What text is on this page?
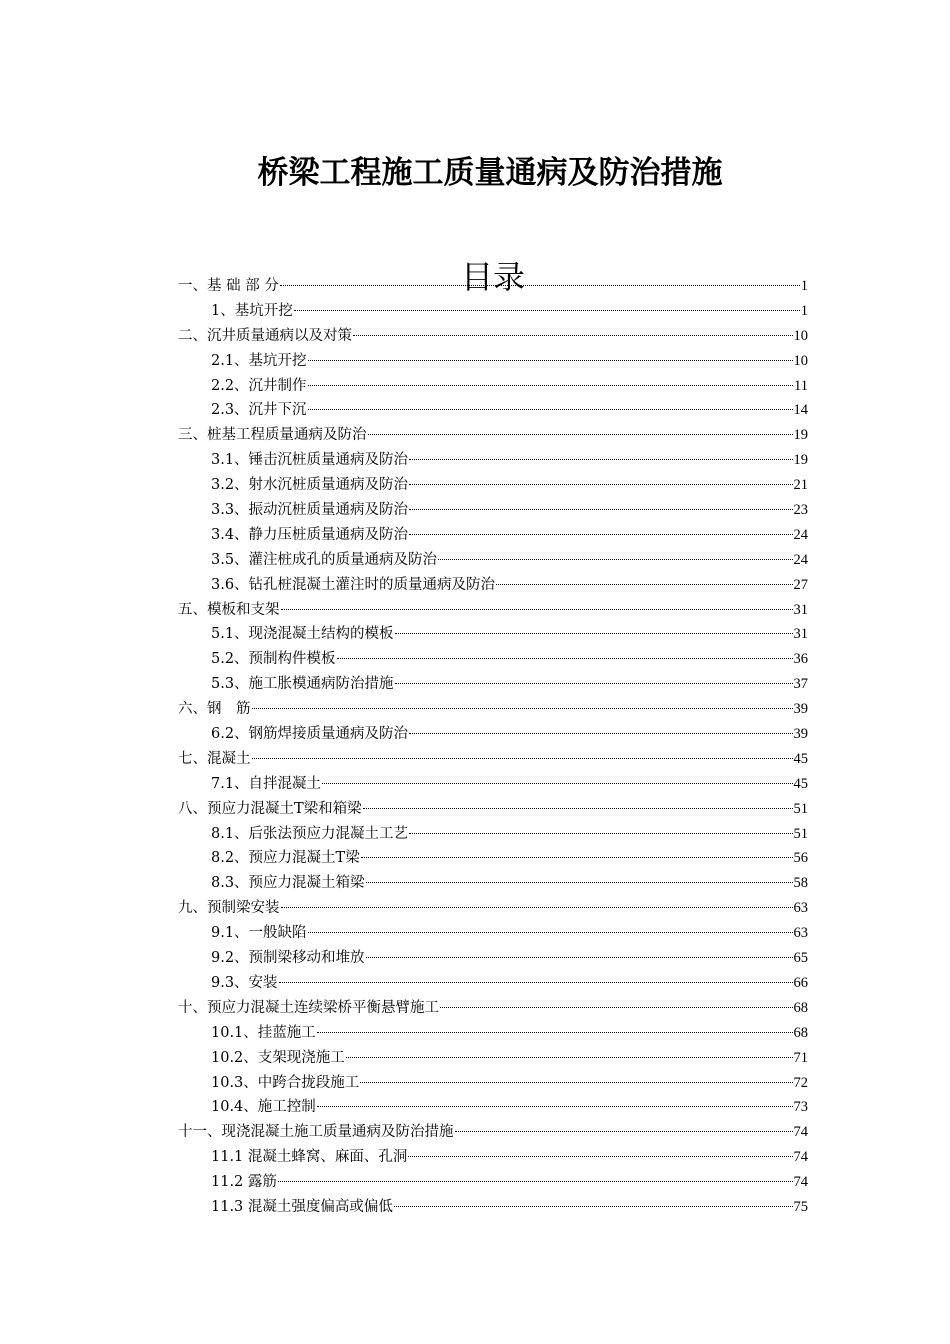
桥梁工程施工质量通病及防治措施
目录
一、基 础 部 分	1
1、基坑开挖	1
二、沉井质量通病以及对策	10
2.1、基坑开挖	10
2.2、沉井制作	11
2.3、沉井下沉	14
三、桩基工程质量通病及防治	19
3.1、锤击沉桩质量通病及防治	19
3.2、射水沉桩质量通病及防治	21
3.3、振动沉桩质量通病及防治	23
3.4、静力压桩质量通病及防治	24
3.5、灌注桩成孔的质量通病及防治	24
3.6、钻孔桩混凝土灌注时的质量通病及防治	27
五、模板和支架	31
5.1、现浇混凝土结构的模板	31
5.2、预制构件模板	36
5.3、施工胀模通病防治措施	37
六、钢　筋	39
6.2、钢筋焊接质量通病及防治	39
七、混凝土	45
7.1、自拌混凝土	45
八、预应力混凝土T梁和箱梁	51
8.1、后张法预应力混凝土工艺	51
8.2、预应力混凝土T梁	56
8.3、预应力混凝土箱梁	58
九、预制梁安装	63
9.1、一般缺陷	63
9.2、预制梁移动和堆放	65
9.3、安装	66
十、预应力混凝土连续梁桥平衡悬臂施工	68
10.1、挂蓝施工	68
10.2、支架现浇施工	71
10.3、中跨合拢段施工	72
10.4、施工控制	73
十一、现浇混凝土施工质量通病及防治措施	74
11.1 混凝土蜂窝、麻面、孔洞	74
11.2 露筋	74
11.3 混凝土强度偏高或偏低	75
